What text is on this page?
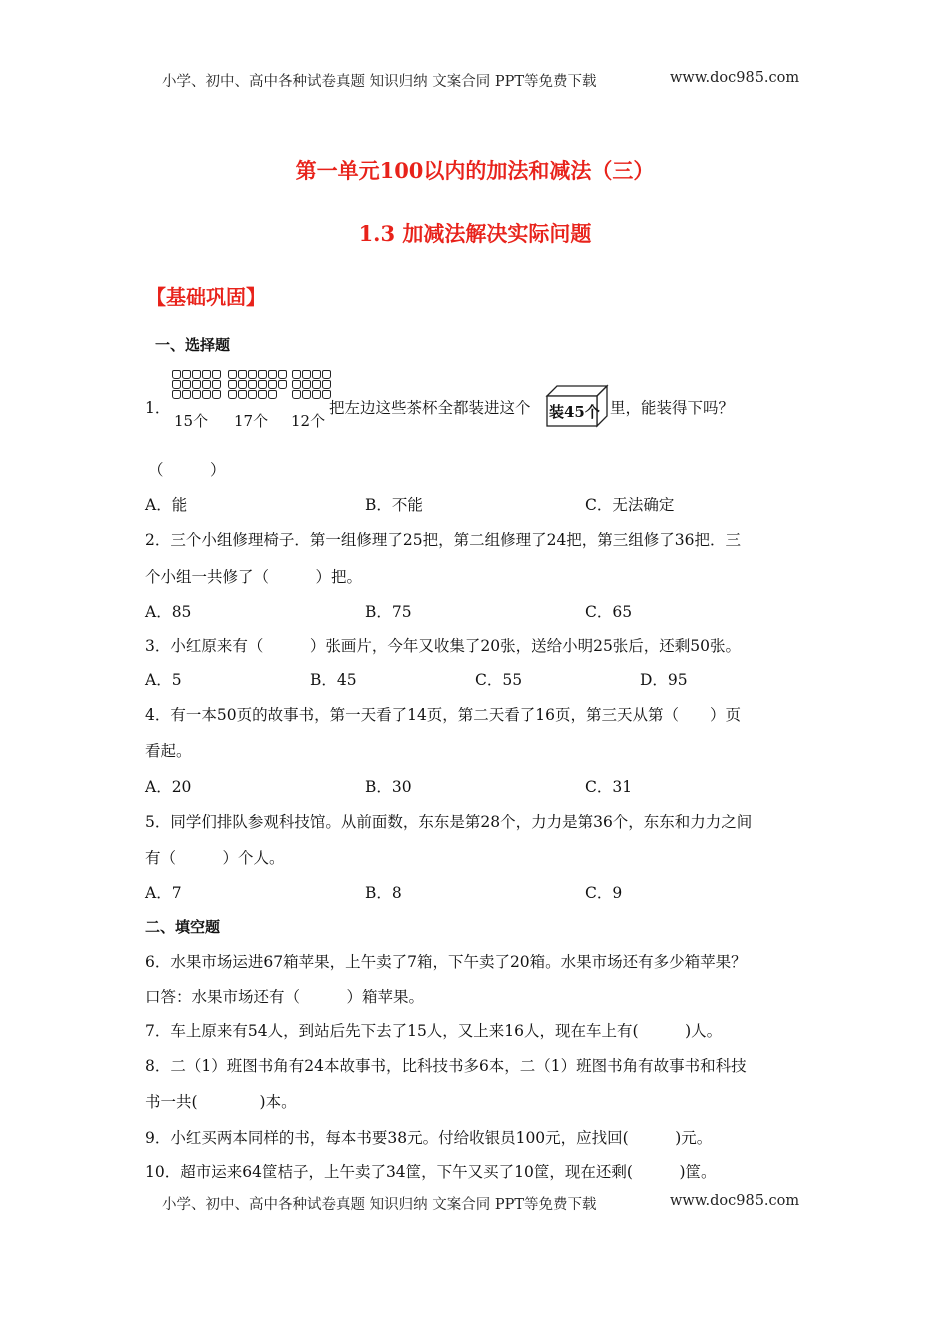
小学、初中、高中各种试卷真题 知识归纳 文案合同 PPT等免费下载	www.doc985.com
第一单元100以内的加法和减法（三）
1.3 加减法解决实际问题
【基础巩固】
一、选择题
1．
15个 17个 12个
把左边这些茶杯全都装进这个 装45个 里，能装得下吗？
（　　　）
A．能	B．不能	C．无法确定
2．三个小组修理椅子．第一组修理了25把，第二组修理了24把，第三组修了36把．三
个小组一共修了（　　　）把。
A．85	B．75	C．65
3．小红原来有（　　　）张画片，今年又收集了20张，送给小明25张后，还剩50张。
A．5	B．45	C．55	D．95
4．有一本50页的故事书，第一天看了14页，第二天看了16页，第三天从第（　　）页
看起。
A．20	B．30	C．31
5．同学们排队参观科技馆。从前面数，东东是第28个，力力是第36个，东东和力力之间
有（　　　）个人。
A．7	B．8	C．9
二、填空题
6．水果市场运进67箱苹果，上午卖了7箱，下午卖了20箱。水果市场还有多少箱苹果？
口答：水果市场还有（　　　）箱苹果。
7．车上原来有54人，到站后先下去了15人，又上来16人，现在车上有(　　　)人。
8．二（1）班图书角有24本故事书，比科技书多6本，二（1）班图书角有故事书和科技
书一共(　　　　)本。
9．小红买两本同样的书，每本书要38元。付给收银员100元，应找回(　　　)元。
10．超市运来64筐桔子，上午卖了34筐，下午又买了10筐，现在还剩(　　　)筐。
小学、初中、高中各种试卷真题 知识归纳 文案合同 PPT等免费下载	www.doc985.com
